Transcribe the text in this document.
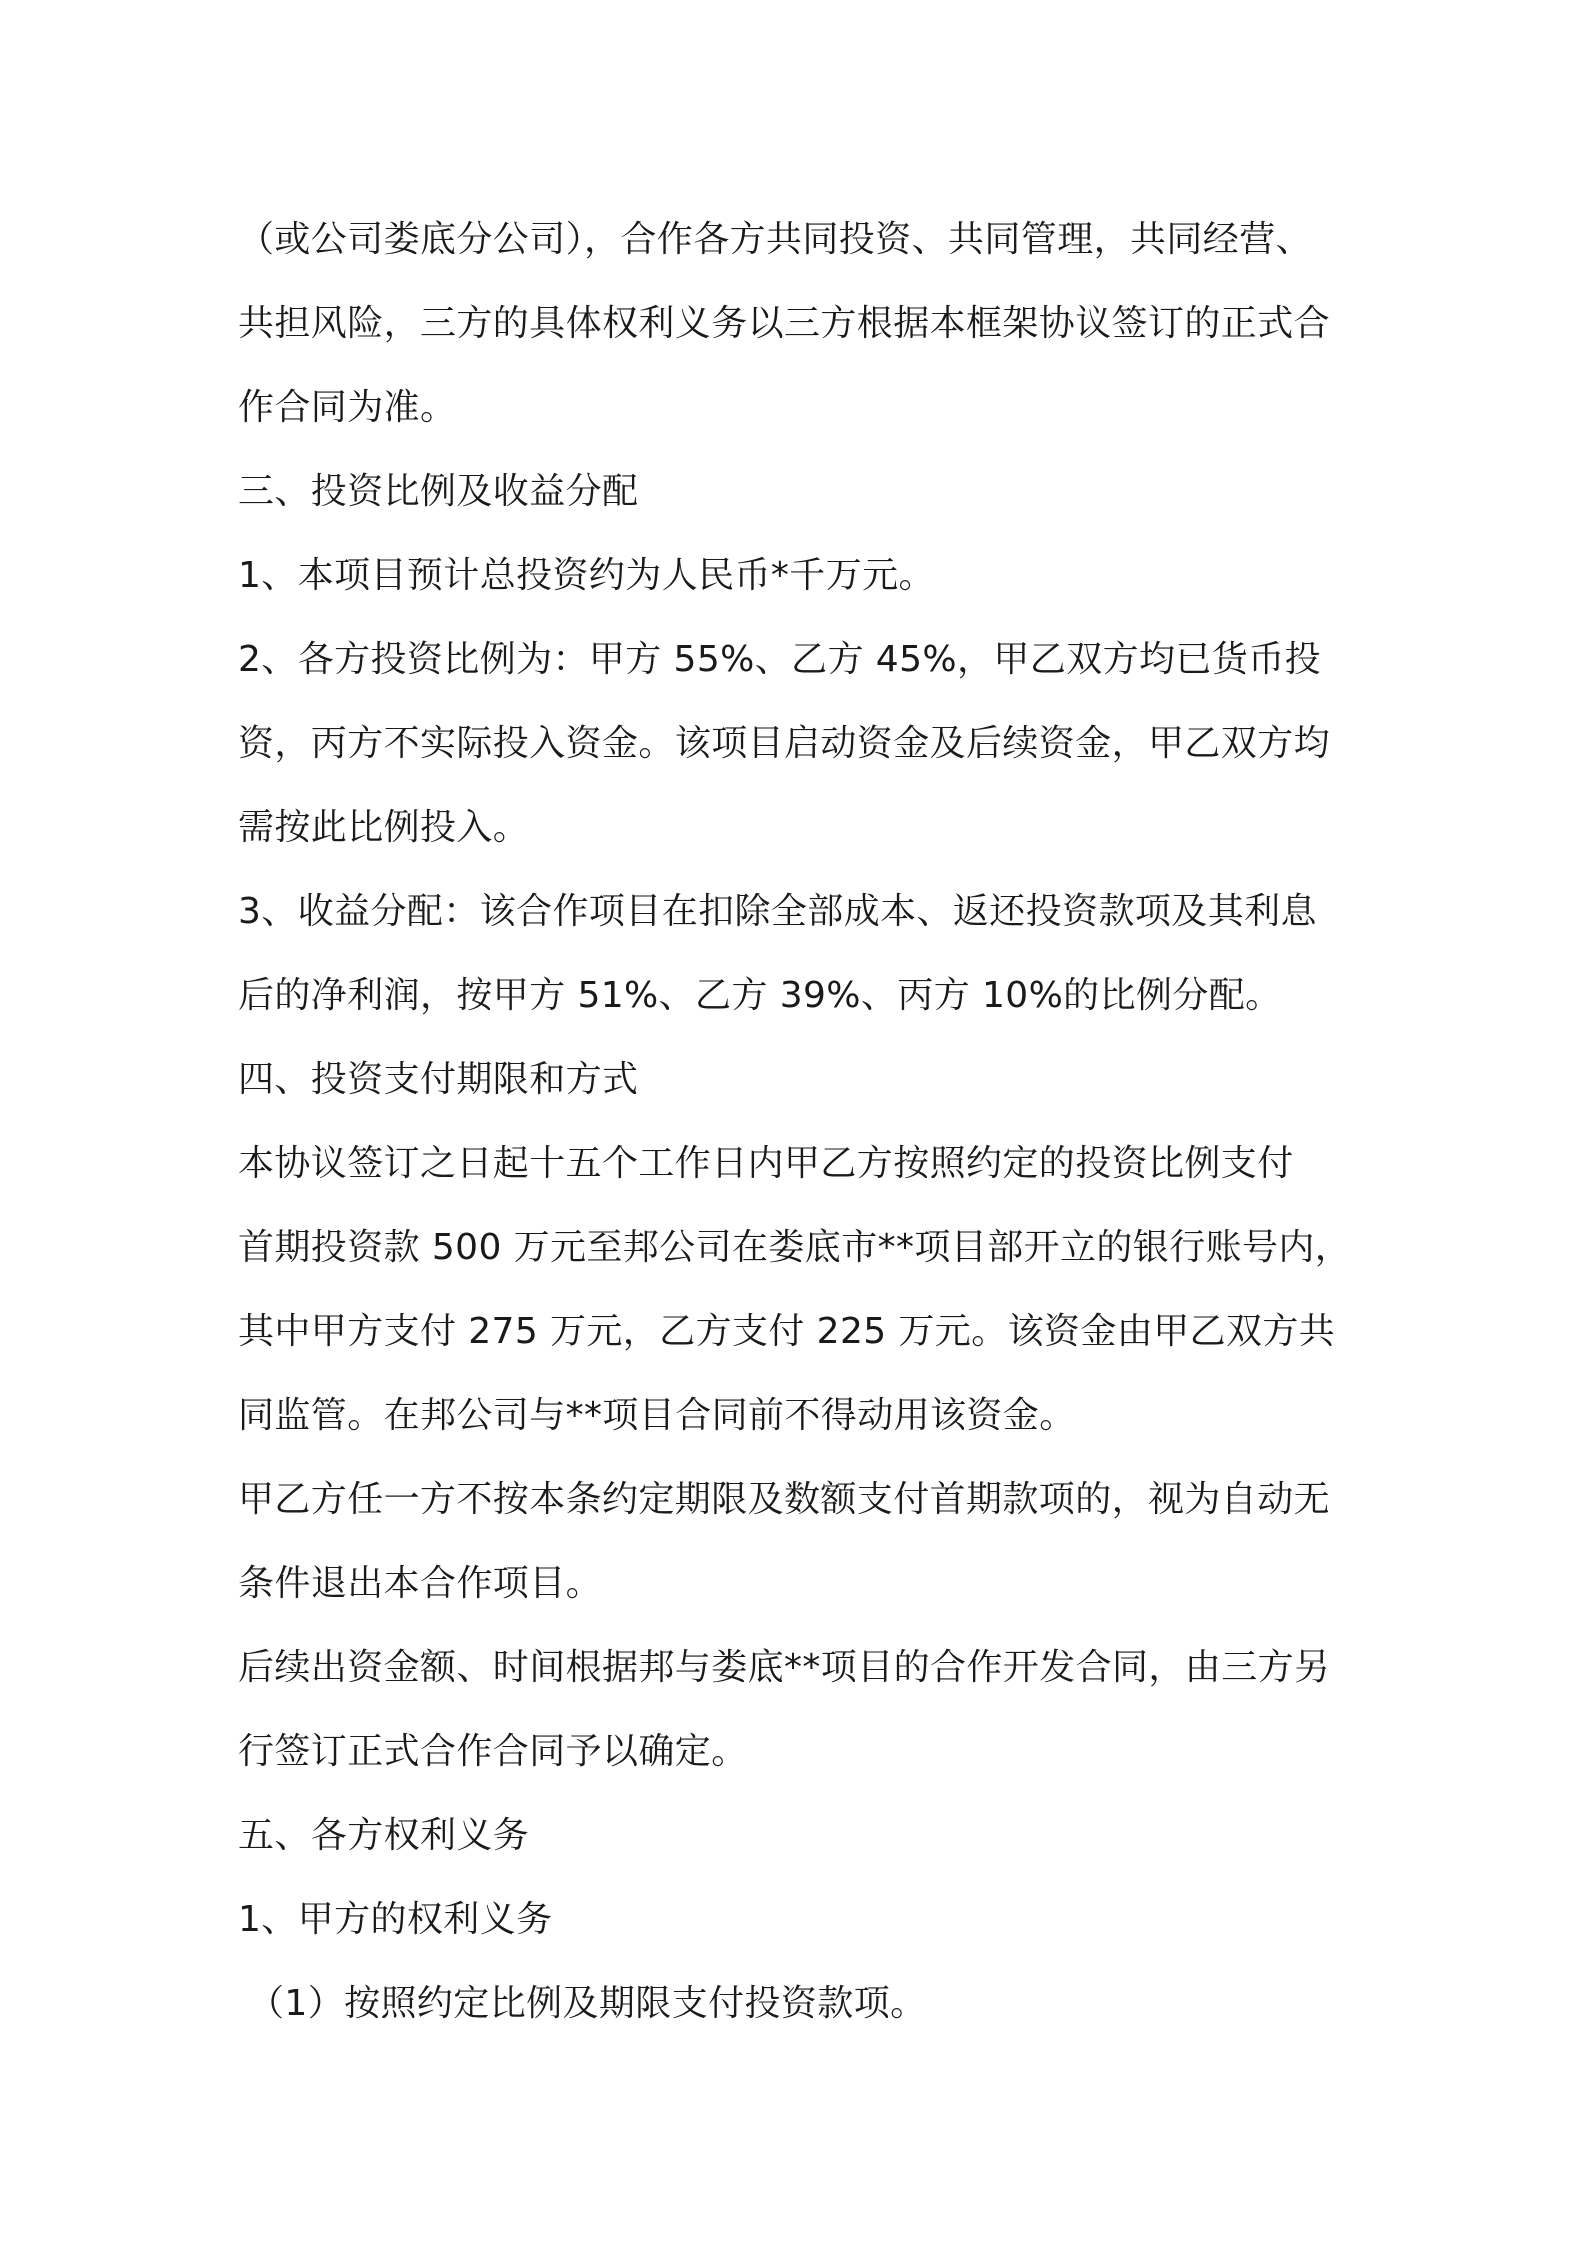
（或公司娄底分公司），合作各方共同投资、共同管理，共同经营、
共担风险，三方的具体权利义务以三方根据本框架协议签订的正式合
作合同为准。
三、投资比例及收益分配
1、本项目预计总投资约为人民币*千万元。
2、各方投资比例为：甲方 55%、乙方 45%，甲乙双方均已货币投
资，丙方不实际投入资金。该项目启动资金及后续资金，甲乙双方均
需按此比例投入。
3、收益分配：该合作项目在扣除全部成本、返还投资款项及其利息
后的净利润，按甲方 51%、乙方 39%、丙方 10%的比例分配。
四、投资支付期限和方式
本协议签订之日起十五个工作日内甲乙方按照约定的投资比例支付
首期投资款 500 万元至邦公司在娄底市**项目部开立的银行账号内，
其中甲方支付 275 万元，乙方支付 225 万元。该资金由甲乙双方共
同监管。在邦公司与**项目合同前不得动用该资金。
甲乙方任一方不按本条约定期限及数额支付首期款项的，视为自动无
条件退出本合作项目。
后续出资金额、时间根据邦与娄底**项目的合作开发合同，由三方另
行签订正式合作合同予以确定。
五、各方权利义务
1、甲方的权利义务
（1）按照约定比例及期限支付投资款项。
